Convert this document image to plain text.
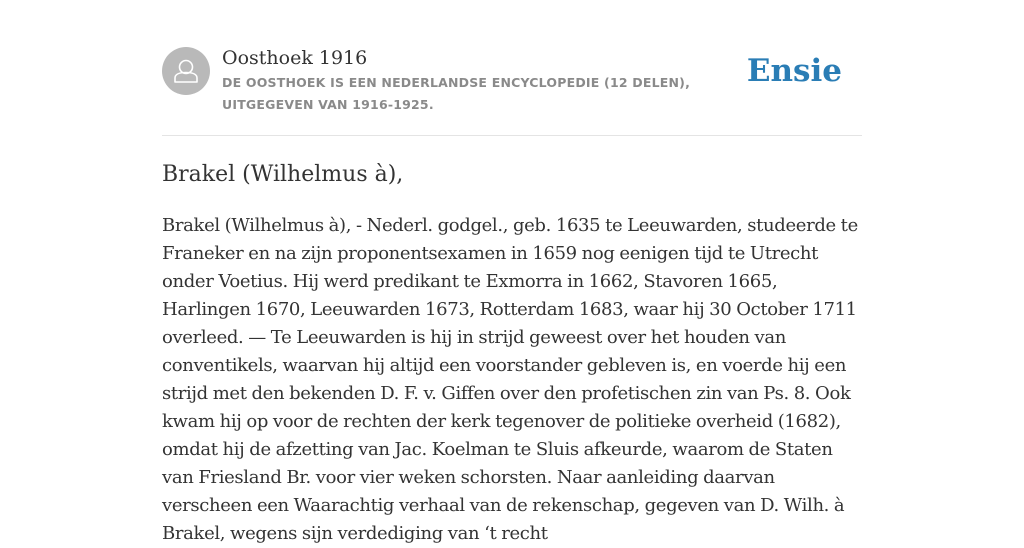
Oosthoek 1916
DE OOSTHOEK IS EEN NEDERLANDSE ENCYCLOPEDIE (12 DELEN), UITGEGEVEN VAN 1916-1925.
Ensie
Brakel (Wilhelmus à),

Brakel (Wilhelmus à), - Nederl. godgel., geb. 1635 te Leeuwarden, studeerde te Franeker en na zijn proponentsexamen in 1659 nog eenigen tijd te Utrecht onder Voetius. Hij werd predikant te Exmorra in 1662, Stavoren 1665, Harlingen 1670, Leeuwarden 1673, Rotterdam 1683, waar hij 30 October 1711 overleed. — Te Leeuwarden is hij in strijd geweest over het houden van conventikels, waarvan hij altijd een voorstander gebleven is, en voerde hij een strijd met den bekenden D. F. v. Giffen over den profetischen zin van Ps. 8. Ook kwam hij op voor de rechten der kerk tegenover de politieke overheid (1682), omdat hij de afzetting van Jac. Koelman te Sluis afkeurde, waarom de Staten van Friesland Br. voor vier weken schorsten. Naar aanleiding daarvan verscheen een Waarachtig verhaal van de rekenschap, gegeven van D. Wilh. à Brakel, wegens sijn verdediging van ‘t recht
